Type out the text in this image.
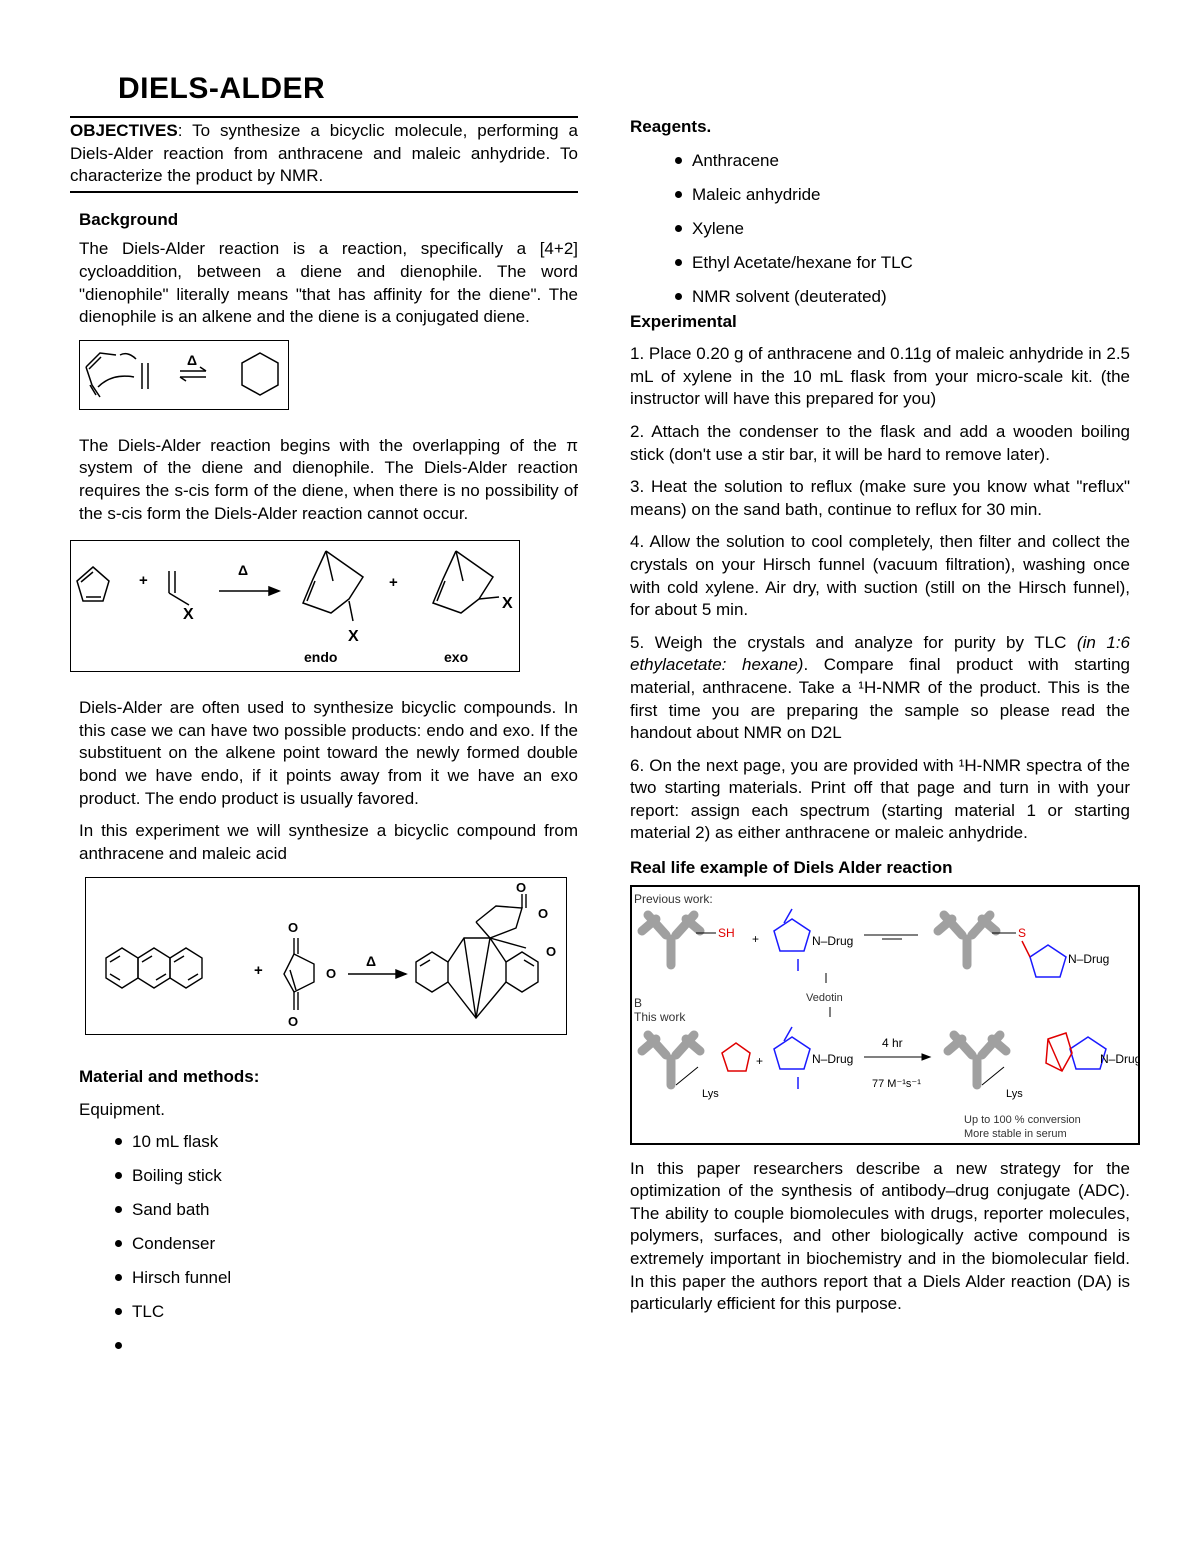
DIELS-ALDER
OBJECTIVES: To synthesize a bicyclic molecule, performing a Diels-Alder reaction from anthracene and maleic anhydride. To characterize the product by NMR.

Background

The Diels-Alder reaction is a reaction, specifically a [4+2] cycloaddition, between a diene and dienophile. The word "dienophile" literally means "that has affinity for the diene". The dienophile is an alkene and the diene is a conjugated diene.

Δ

The Diels-Alder reaction begins with the overlapping of the π system of the diene and dienophile. The Diels-Alder reaction requires the s-cis form of the diene, when there is no possibility of the s-cis form the Diels-Alder reaction cannot occur.

+
X
Δ
+
X
X
endo	exo

Diels-Alder are often used to synthesize bicyclic compounds. In this case we can have two possible products: endo and exo. If the substituent on the alkene point toward the newly formed double bond we have endo, if it points away from it we have an exo product. The endo product is usually favored.

In this experiment we will synthesize a bicyclic compound from anthracene and maleic acid

+
O
O
O
Δ
O
O
O

Material and methods:

Equipment.

10 mL flask
Boiling stick
Sand bath
Condenser
Hirsch funnel
TLC

Reagents.

Anthracene
Maleic anhydride
Xylene
Ethyl Acetate/hexane for TLC
NMR solvent (deuterated)

Experimental

1. Place 0.20 g of anthracene and 0.11g of maleic anhydride in 2.5 mL of xylene in the 10 mL flask from your micro-scale kit. (the instructor will have this prepared for you)

2. Attach the condenser to the flask and add a wooden boiling stick (don't use a stir bar, it will be hard to remove later).

3. Heat the solution to reflux (make sure you know what "reflux" means) on the sand bath, continue to reflux for 30 min.

4. Allow the solution to cool completely, then filter and collect the crystals on your Hirsch funnel (vacuum filtration), washing once with cold xylene. Air dry, with suction (still on the Hirsch funnel), for about 5 min.

5. Weigh the crystals and analyze for purity by TLC (in 1:6 ethylacetate: hexane). Compare final product with starting material, anthracene. Take a ¹H-NMR of the product. This is the first time you are preparing the sample so please read the handout about NMR on D2L

6. On the next page, you are provided with ¹H-NMR spectra of the two starting materials. Print off that page and turn in with your report: assign each spectrum (starting material 1 or starting material 2) as either anthracene or maleic anhydride.

Real life example of Diels Alder reaction

Previous work:
B
This work
SH +	N–Drug
S
N–Drug
Vedotin
Lys
+	N–Drug
4 hr
77 M⁻¹s⁻¹
Lys
N–Drug
Up to 100 % conversion
More stable in serum

In this paper researchers describe a new strategy for the optimization of the synthesis of antibody–drug conjugate (ADC). The ability to couple biomolecules with drugs, reporter molecules, polymers, surfaces, and other biologically active compound is extremely important in biochemistry and in the biomolecular field. In this paper the authors report that a Diels Alder reaction (DA) is particularly efficient for this purpose.
